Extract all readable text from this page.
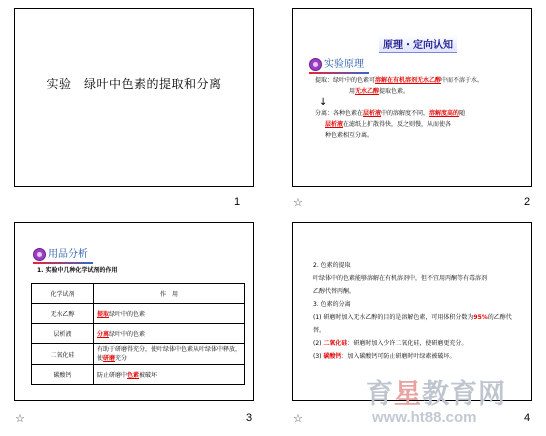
实验　绿叶中色素的提取和分离
1
原理・定向认知
实验原理
提取：绿叶中的色素可溶解在有机溶剂无水乙醇中而不溶于水。
用无水乙醇提取色素。
↓
分离：各种色素在层析液中的溶解度不同，溶解度高的随
层析液在滤纸上扩散得快，反之则慢，从而使各
种色素相互分离。
☆	2
用品分析
1. 实验中几种化学试剂的作用
化学试剂	作　用
无水乙醇	提取绿叶中的色素
层析液	分离绿叶中的色素
二氧化硅	有助于研磨得充分，使叶绿体中色素从叶绿体中释放，使研磨充分
碳酸钙	防止研磨中色素被破坏
☆	3
2. 色素的提取
叶绿体中的色素能够溶解在有机溶剂中，但不宜用丙酮等有毒溶剂
乙醇代替丙酮。
3. 色素的分离
(1) 研磨时加入无水乙醇的目的是溶解色素，可用体积分数为95%的乙醇代替。
(2) 二氧化硅：研磨时加入少许二氧化硅，使研磨更充分。
(3) 碳酸钙：加入碳酸钙可防止研磨时叶绿素被破坏。
☆	4
育星教育网
www.ht88.com
